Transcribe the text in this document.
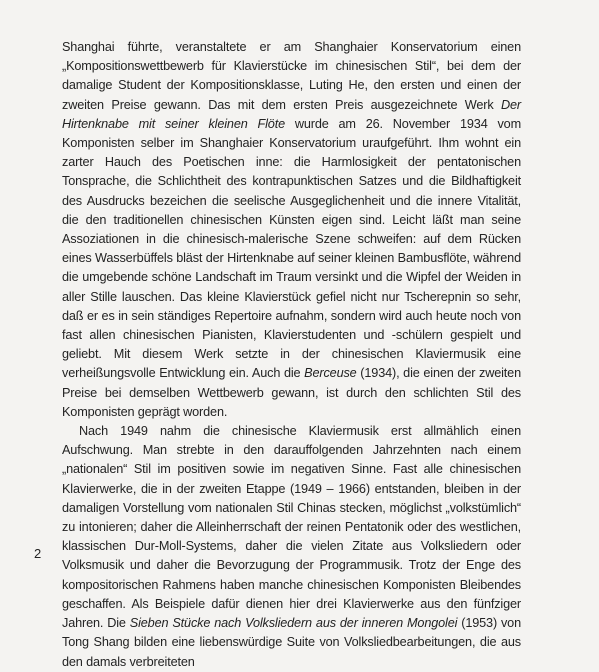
Shanghai führte, veranstaltete er am Shanghaier Konservatorium einen „Kompositionswettbewerb für Klavierstücke im chinesischen Stil“, bei dem der damalige Student der Kompositionsklasse, Luting He, den ersten und einen der zweiten Preise gewann. Das mit dem ersten Preis ausgezeichnete Werk Der Hirtenknabe mit seiner kleinen Flöte wurde am 26. November 1934 vom Komponisten selber im Shanghaier Konservatorium uraufgeführt. Ihm wohnt ein zarter Hauch des Poetischen inne: die Harmlosigkeit der pentatonischen Tonsprache, die Schlichtheit des kontrapunktischen Satzes und die Bildhaftigkeit des Ausdrucks bezeichen die seelische Ausgeglichenheit und die innere Vitalität, die den traditionellen chinesischen Künsten eigen sind. Leicht läßt man seine Assoziationen in die chinesisch-malerische Szene schweifen: auf dem Rücken eines Wasserbüffels bläst der Hirtenknabe auf seiner kleinen Bambusflöte, während die umgebende schöne Landschaft im Traum versinkt und die Wipfel der Weiden in aller Stille lauschen. Das kleine Klavierstück gefiel nicht nur Tscherepnin so sehr, daß er es in sein ständiges Repertoire aufnahm, sondern wird auch heute noch von fast allen chinesischen Pianisten, Klavierstudenten und -schülern gespielt und geliebt. Mit diesem Werk setzte in der chinesischen Klaviermusik eine verheißungsvolle Entwicklung ein. Auch die Berceuse (1934), die einen der zweiten Preise bei demselben Wettbewerb gewann, ist durch den schlichten Stil des Komponisten geprägt worden.

Nach 1949 nahm die chinesische Klaviermusik erst allmählich einen Aufschwung. Man strebte in den darauffolgenden Jahrzehnten nach einem „nationalen“ Stil im positiven sowie im negativen Sinne. Fast alle chinesischen Klavierwerke, die in der zweiten Etappe (1949 – 1966) entstanden, bleiben in der damaligen Vorstellung vom nationalen Stil Chinas stecken, möglichst „volkstümlich“ zu intonieren; daher die Alleinherrschaft der reinen Pentatonik oder des westlichen, klassischen Dur-Moll-Systems, daher die vielen Zitate aus Volksliedern oder Volksmusik und daher die Bevorzugung der Programmusik. Trotz der Enge des kompositorischen Rahmens haben manche chinesischen Komponisten Bleibendes geschaffen. Als Beispiele dafür dienen hier drei Klavierwerke aus den fünfziger Jahren. Die Sieben Stücke nach Volksliedern aus der inneren Mongolei (1953) von Tong Shang bilden eine liebenswürdige Suite von Volksliedbearbeitungen, die aus den damals verbreiteten

2
